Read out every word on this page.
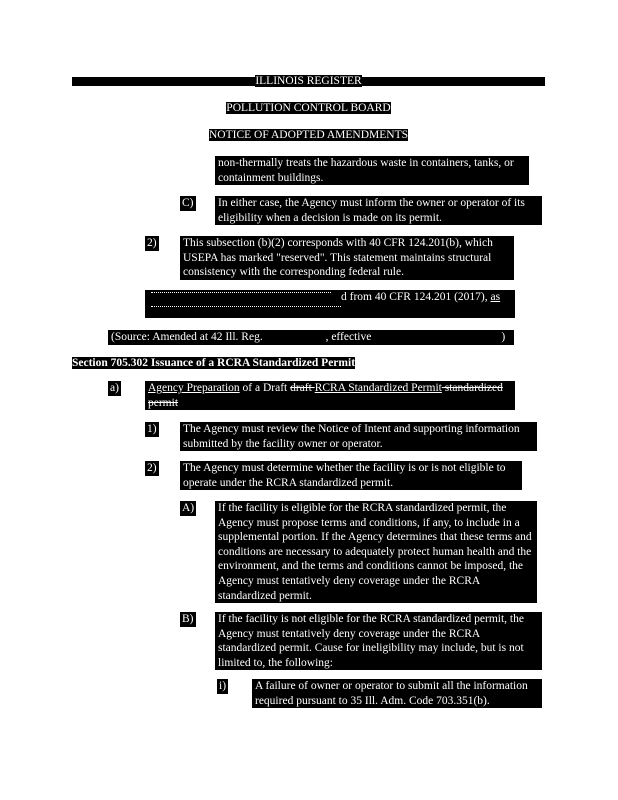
ILLINOIS REGISTER
POLLUTION CONTROL BOARD
NOTICE OF ADOPTED AMENDMENTS
non-thermally treats the hazardous waste in containers, tanks, or containment buildings.
C) In either case, the Agency must inform the owner or operator of its eligibility when a decision is made on its permit.
2) This subsection (b)(2) corresponds with 40 CFR 124.201(b), which USEPA has marked "reserved". This statement maintains structural consistency with the corresponding federal rule.
d from 40 CFR 124.201 (2017), as
(Source: Amended at 42 Ill. Reg.	, effective	)
Section 705.302 Issuance of a RCRA Standardized Permit
a)	Agency Preparation of a Draft draft RCRA Standardized Permit standardized permit
1) The Agency must review the Notice of Intent and supporting information submitted by the facility owner or operator.
2) The Agency must determine whether the facility is or is not eligible to operate under the RCRA standardized permit.
A) If the facility is eligible for the RCRA standardized permit, the Agency must propose terms and conditions, if any, to include in a supplemental portion. If the Agency determines that these terms and conditions are necessary to adequately protect human health and the environment, and the terms and conditions cannot be imposed, the Agency must tentatively deny coverage under the RCRA standardized permit.
B) If the facility is not eligible for the RCRA standardized permit, the Agency must tentatively deny coverage under the RCRA standardized permit. Cause for ineligibility may include, but is not limited to, the following:
i)	A failure of owner or operator to submit all the information required pursuant to 35 Ill. Adm. Code 703.351(b).
